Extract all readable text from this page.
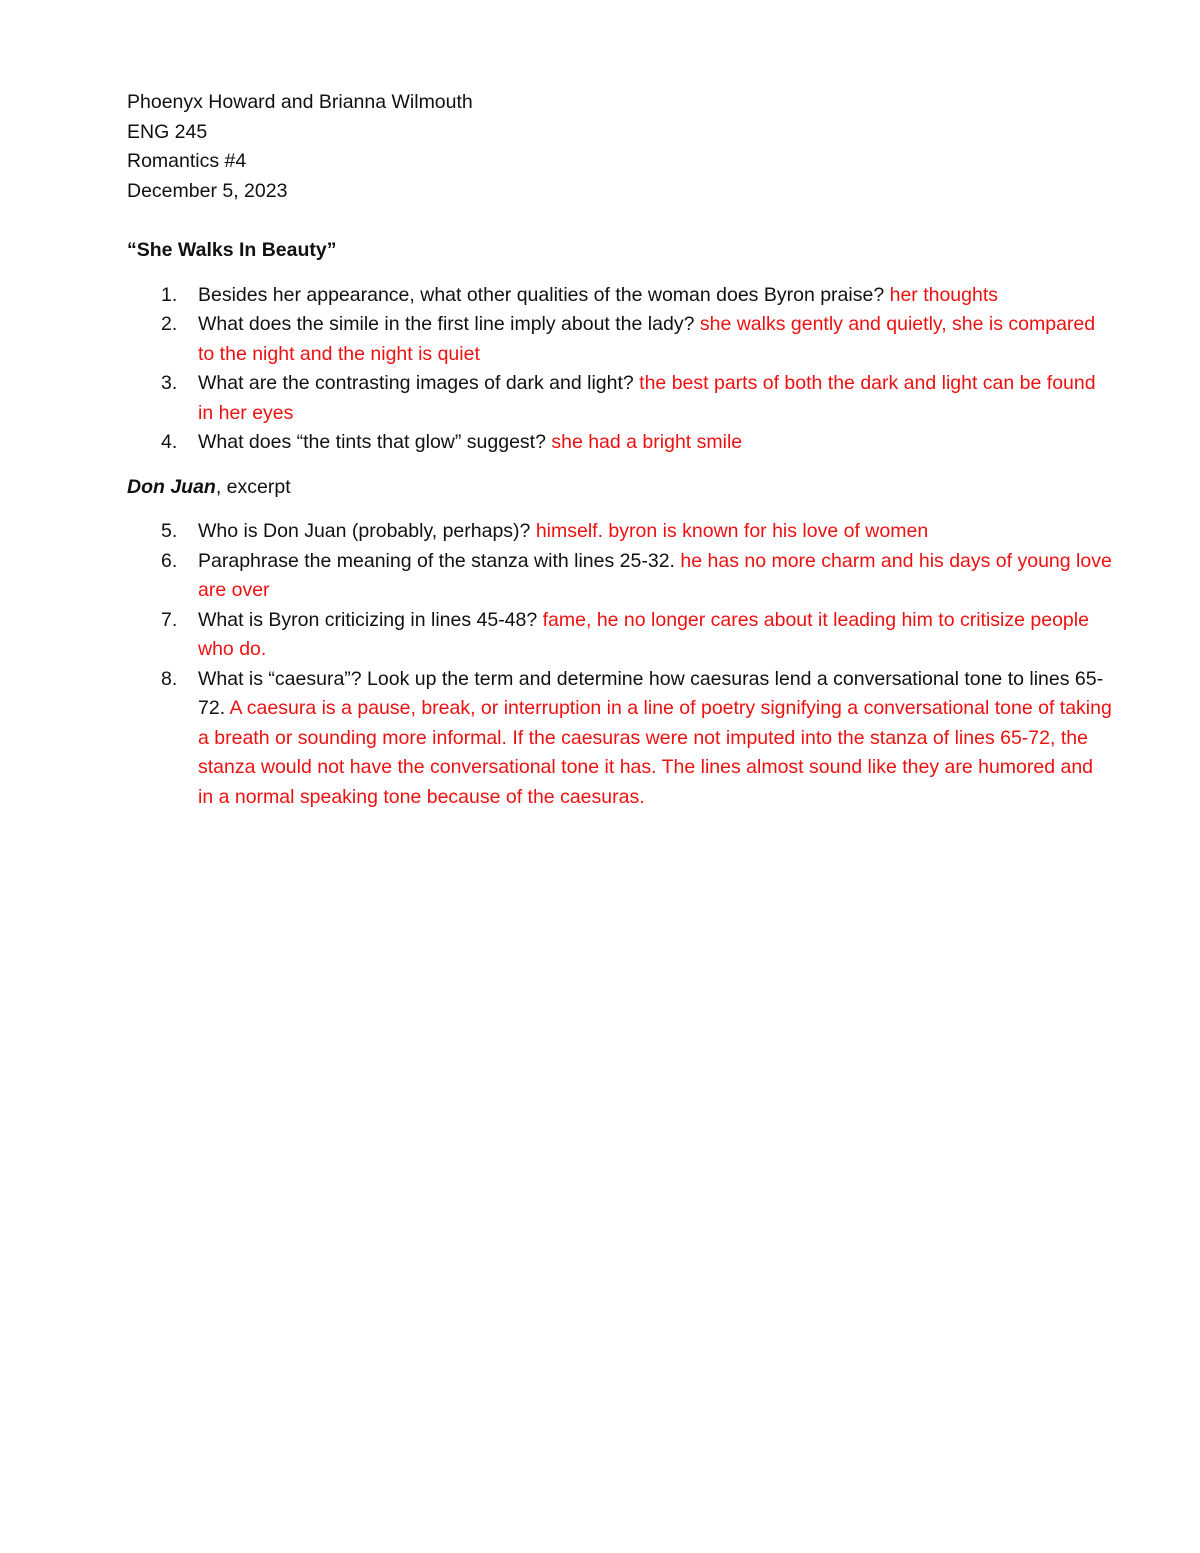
Phoenyx Howard and Brianna Wilmouth
ENG 245
Romantics #4
December 5, 2023
“She Walks In Beauty”
1.	Besides her appearance, what other qualities of the woman does Byron praise? her thoughts
2.	What does the simile in the first line imply about the lady? she walks gently and quietly, she is compared to the night and the night is quiet
3.	What are the contrasting images of dark and light? the best parts of both the dark and light can be found in her eyes
4.	What does “the tints that glow” suggest? she had a bright smile
Don Juan, excerpt
5.	Who is Don Juan (probably, perhaps)? himself. byron is known for his love of women
6.	Paraphrase the meaning of the stanza with lines 25-32. he has no more charm and his days of young love are over
7.	What is Byron criticizing in lines 45-48? fame, he no longer cares about it leading him to critisize people who do.
8.	What is “caesura”? Look up the term and determine how caesuras lend a conversational tone to lines 65-72. A caesura is a pause, break, or interruption in a line of poetry signifying a conversational tone of taking a breath or sounding more informal. If the caesuras were not imputed into the stanza of lines 65-72, the stanza would not have the conversational tone it has. The lines almost sound like they are humored and in a normal speaking tone because of the caesuras.
